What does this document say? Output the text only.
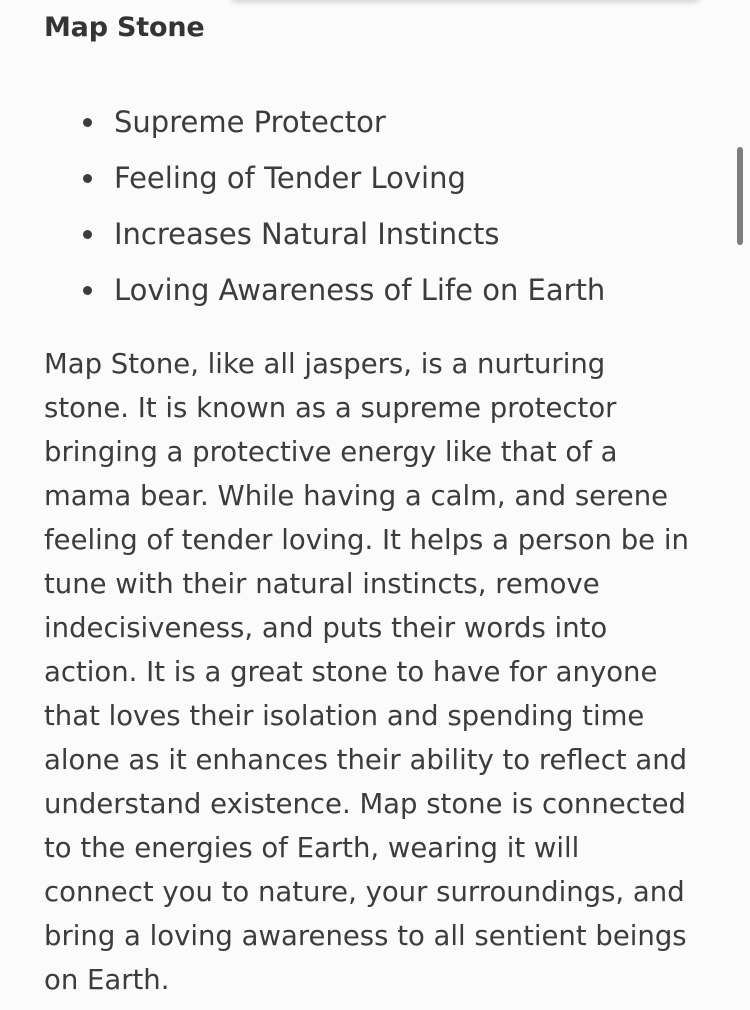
Map Stone
Supreme Protector
Feeling of Tender Loving
Increases Natural Instincts
Loving Awareness of Life on Earth

Map Stone, like all jaspers, is a nurturing stone. It is known as a supreme protector bringing a protective energy like that of a mama bear. While having a calm, and serene feeling of tender loving. It helps a person be in tune with their natural instincts, remove indecisiveness, and puts their words into action. It is a great stone to have for anyone that loves their isolation and spending time alone as it enhances their ability to reflect and understand existence. Map stone is connected to the energies of Earth, wearing it will connect you to nature, your surroundings, and bring a loving awareness to all sentient beings on Earth.
